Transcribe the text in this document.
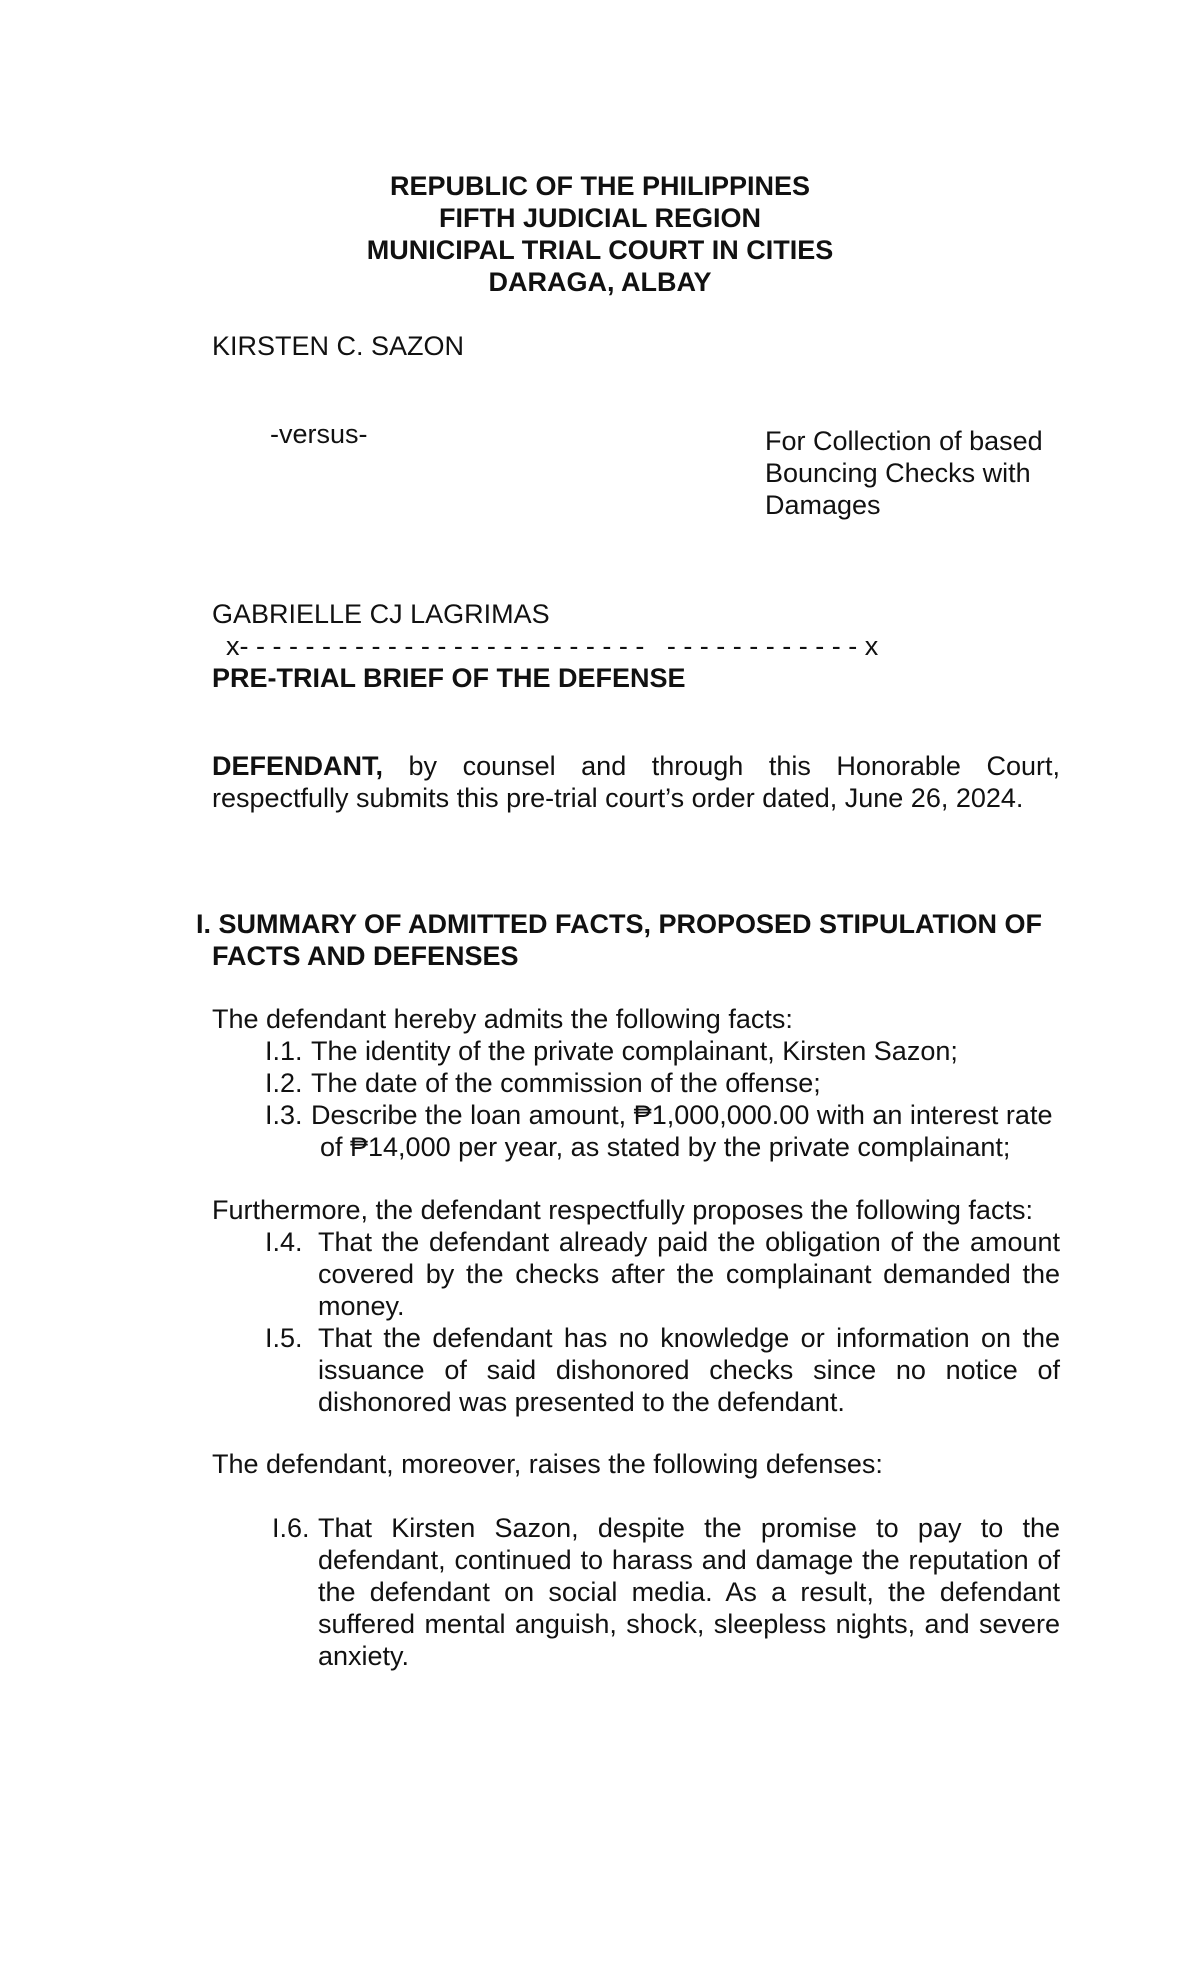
REPUBLIC OF THE PHILIPPINES
FIFTH JUDICIAL REGION
MUNICIPAL TRIAL COURT IN CITIES
DARAGA, ALBAY
KIRSTEN C. SAZON
-versus-	For Collection of based
Bouncing Checks with
Damages
GABRIELLE CJ LAGRIMAS
x- - - - - - - - - - - - - - - - - - - - - - - - -   - - - - - - - - - - - - x
PRE-TRIAL BRIEF OF THE DEFENSE
DEFENDANT, by counsel and through this Honorable Court, respectfully submits this pre-trial court’s order dated, June 26, 2024.
I. SUMMARY OF ADMITTED FACTS, PROPOSED STIPULATION OF
FACTS AND DEFENSES
The defendant hereby admits the following facts:
I.1. The identity of the private complainant, Kirsten Sazon;
I.2. The date of the commission of the offense;
I.3. Describe the loan amount, ₱1,000,000.00 with an interest rate
of ₱14,000 per year, as stated by the private complainant;
Furthermore, the defendant respectfully proposes the following facts:
I.4. That the defendant already paid the obligation of the amount covered by the checks after the complainant demanded the money.
I.5. That the defendant has no knowledge or information on the issuance of said dishonored checks since no notice of dishonored was presented to the defendant.
The defendant, moreover, raises the following defenses:
I.6. That Kirsten Sazon, despite the promise to pay to the defendant, continued to harass and damage the reputation of the defendant on social media. As a result, the defendant suffered mental anguish, shock, sleepless nights, and severe anxiety.
